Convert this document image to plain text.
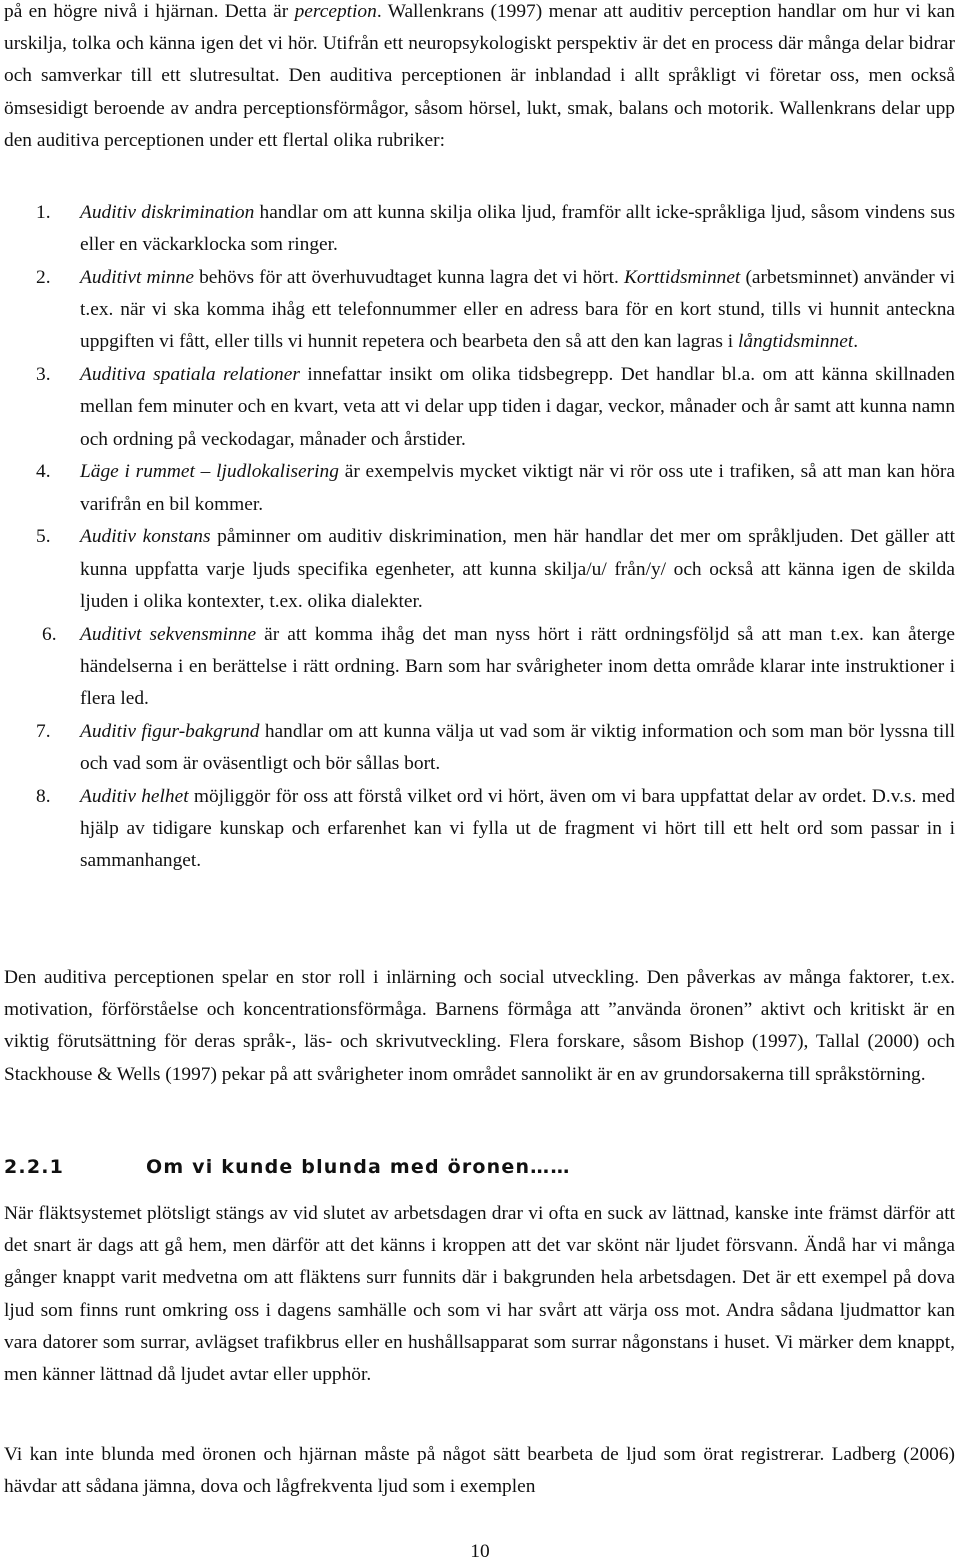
på en högre nivå i hjärnan. Detta är perception. Wallenkrans (1997) menar att auditiv perception handlar om hur vi kan urskilja, tolka och känna igen det vi hör. Utifrån ett neuropsykologiskt perspektiv är det en process där många delar bidrar och samverkar till ett slutresultat. Den auditiva perceptionen är inblandad i allt språkligt vi företar oss, men också ömsesidigt beroende av andra perceptionsförmågor, såsom hörsel, lukt, smak, balans och motorik. Wallenkrans delar upp den auditiva perceptionen under ett flertal olika rubriker:

1. Auditiv diskrimination handlar om att kunna skilja olika ljud, framför allt icke-språkliga ljud, såsom vindens sus eller en väckarklocka som ringer.
2. Auditivt minne behövs för att överhuvudtaget kunna lagra det vi hört. Korttidsminnet (arbetsminnet) använder vi t.ex. när vi ska komma ihåg ett telefonnummer eller en adress bara för en kort stund, tills vi hunnit anteckna uppgiften vi fått, eller tills vi hunnit repetera och bearbeta den så att den kan lagras i långtidsminnet.
3. Auditiva spatiala relationer innefattar insikt om olika tidsbegrepp. Det handlar bl.a. om att känna skillnaden mellan fem minuter och en kvart, veta att vi delar upp tiden i dagar, veckor, månader och år samt att kunna namn och ordning på veckodagar, månader och årstider.
4. Läge i rummet – ljudlokalisering är exempelvis mycket viktigt när vi rör oss ute i trafiken, så att man kan höra varifrån en bil kommer.
5. Auditiv konstans påminner om auditiv diskrimination, men här handlar det mer om språkljuden. Det gäller att kunna uppfatta varje ljuds specifika egenheter, att kunna skilja/u/ från/y/ och också att känna igen de skilda ljuden i olika kontexter, t.ex. olika dialekter.
6. Auditivt sekvensminne är att komma ihåg det man nyss hört i rätt ordningsföljd så att man t.ex. kan återge händelserna i en berättelse i rätt ordning. Barn som har svårigheter inom detta område klarar inte instruktioner i flera led.
7. Auditiv figur-bakgrund handlar om att kunna välja ut vad som är viktig information och som man bör lyssna till och vad som är oväsentligt och bör sållas bort.
8. Auditiv helhet möjliggör för oss att förstå vilket ord vi hört, även om vi bara uppfattat delar av ordet. D.v.s. med hjälp av tidigare kunskap och erfarenhet kan vi fylla ut de fragment vi hört till ett helt ord som passar in i sammanhanget.

Den auditiva perceptionen spelar en stor roll i inlärning och social utveckling. Den påverkas av många faktorer, t.ex. motivation, förförståelse och koncentrationsförmåga. Barnens förmåga att ”använda öronen” aktivt och kritiskt är en viktig förutsättning för deras språk-, läs- och skrivutveckling. Flera forskare, såsom Bishop (1997), Tallal (2000) och Stackhouse & Wells (1997) pekar på att svårigheter inom området sannolikt är en av grundorsakerna till språkstörning.

2.2.1	Om vi kunde blunda med öronen……

När fläktsystemet plötsligt stängs av vid slutet av arbetsdagen drar vi ofta en suck av lättnad, kanske inte främst därför att det snart är dags att gå hem, men därför att det känns i kroppen att det var skönt när ljudet försvann. Ändå har vi många gånger knappt varit medvetna om att fläktens surr funnits där i bakgrunden hela arbetsdagen. Det är ett exempel på dova ljud som finns runt omkring oss i dagens samhälle och som vi har svårt att värja oss mot. Andra sådana ljudmattor kan vara datorer som surrar, avlägset trafikbrus eller en hushållsapparat som surrar någonstans i huset. Vi märker dem knappt, men känner lättnad då ljudet avtar eller upphör.

Vi kan inte blunda med öronen och hjärnan måste på något sätt bearbeta de ljud som örat registrerar. Ladberg (2006) hävdar att sådana jämna, dova och lågfrekventa ljud som i exemplen

10
